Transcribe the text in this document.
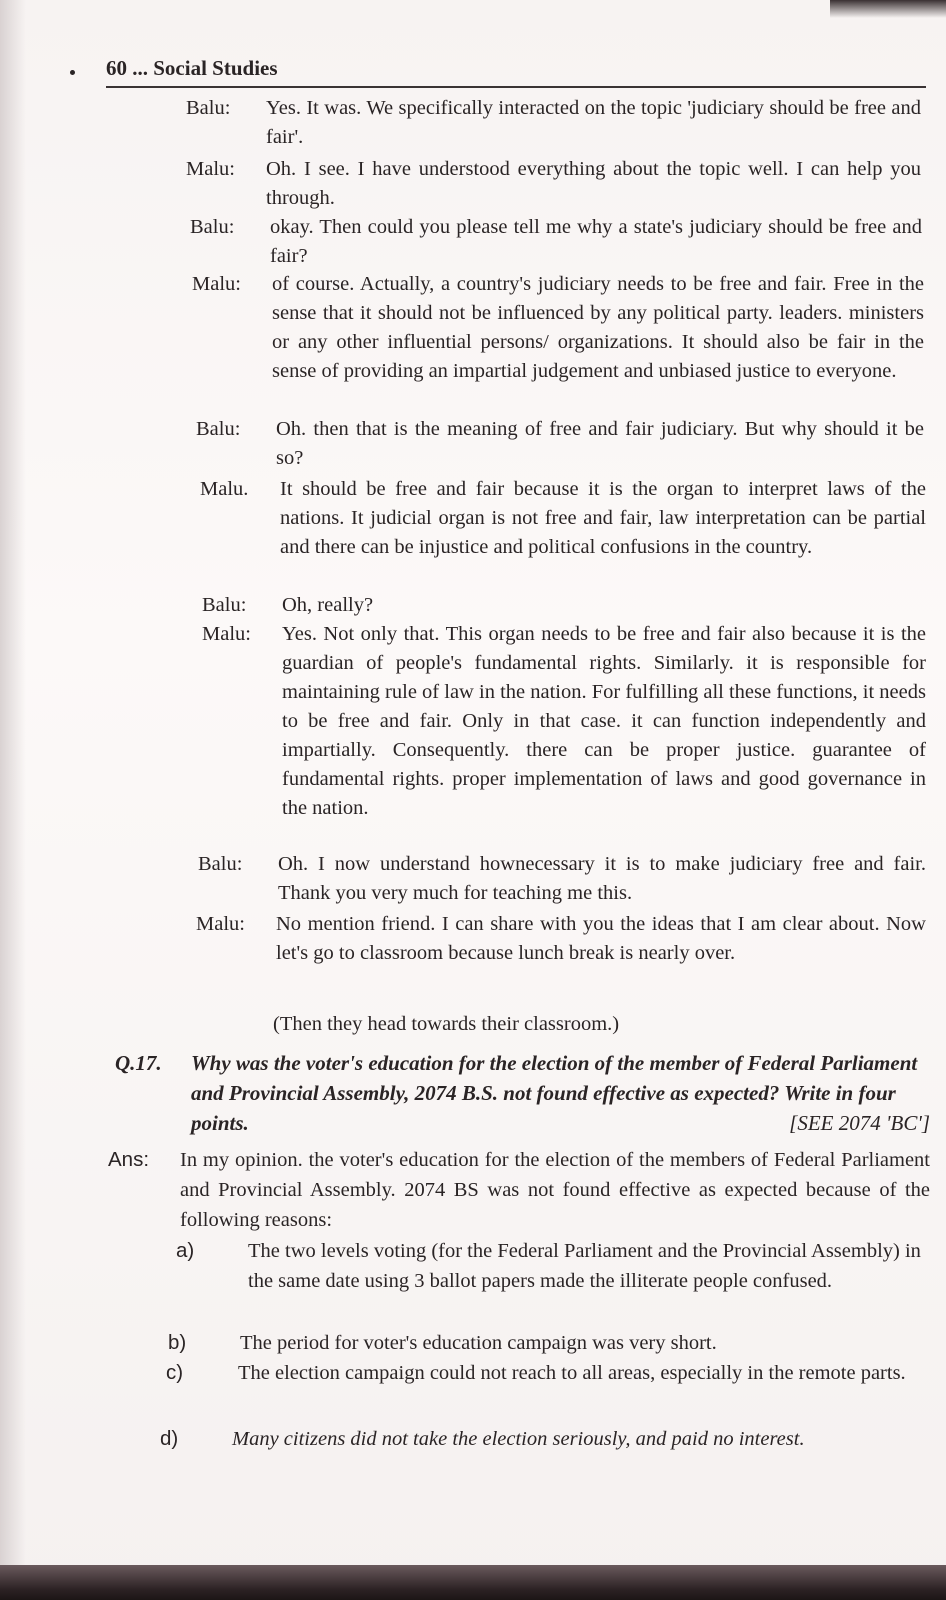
60 ... Social Studies
Balu:	Yes. It was. We specifically interacted on the topic 'judiciary should be free and fair'.
Malu:	Oh. I see. I have understood everything about the topic well. I can help you through.
Balu:	okay. Then could you please tell me why a state's judiciary should be free and fair?
Malu:	of course. Actually, a country's judiciary needs to be free and fair. Free in the sense that it should not be influenced by any political party. leaders. ministers or any other influential persons/ organizations. It should also be fair in the sense of providing an impartial judgement and unbiased justice to everyone.
Balu:	Oh. then that is the meaning of free and fair judiciary. But why should it be so?
Malu.	It should be free and fair because it is the organ to interpret laws of the nations. It judicial organ is not free and fair, law interpretation can be partial and there can be injustice and political confusions in the country.
Balu:	Oh, really?
Malu:	Yes. Not only that. This organ needs to be free and fair also because it is the guardian of people's fundamental rights. Similarly. it is responsible for maintaining rule of law in the nation. For fulfilling all these functions, it needs to be free and fair. Only in that case. it can function independently and impartially. Consequently. there can be proper justice. guarantee of fundamental rights. proper implementation of laws and good governance in the nation.
Balu:	Oh. I now understand hownecessary it is to make judiciary free and fair. Thank you very much for teaching me this.
Malu:	No mention friend. I can share with you the ideas that I am clear about. Now let's go to classroom because lunch break is nearly over.
(Then they head towards their classroom.)
Q.17.	Why was the voter's education for the election of the member of Federal Parliament and Provincial Assembly, 2074 B.S. not found effective as expected? Write in four points.	[SEE 2074 'BC']
Ans:	In my opinion. the voter's education for the election of the members of Federal Parliament and Provincial Assembly. 2074 BS was not found effective as expected because of the following reasons:
a)	The two levels voting (for the Federal Parliament and the Provincial Assembly) in the same date using 3 ballot papers made the illiterate people confused.
b)	The period for voter's education campaign was very short.
c)	The election campaign could not reach to all areas, especially in the remote parts.
d)	Many citizens did not take the election seriously, and paid no interest.
